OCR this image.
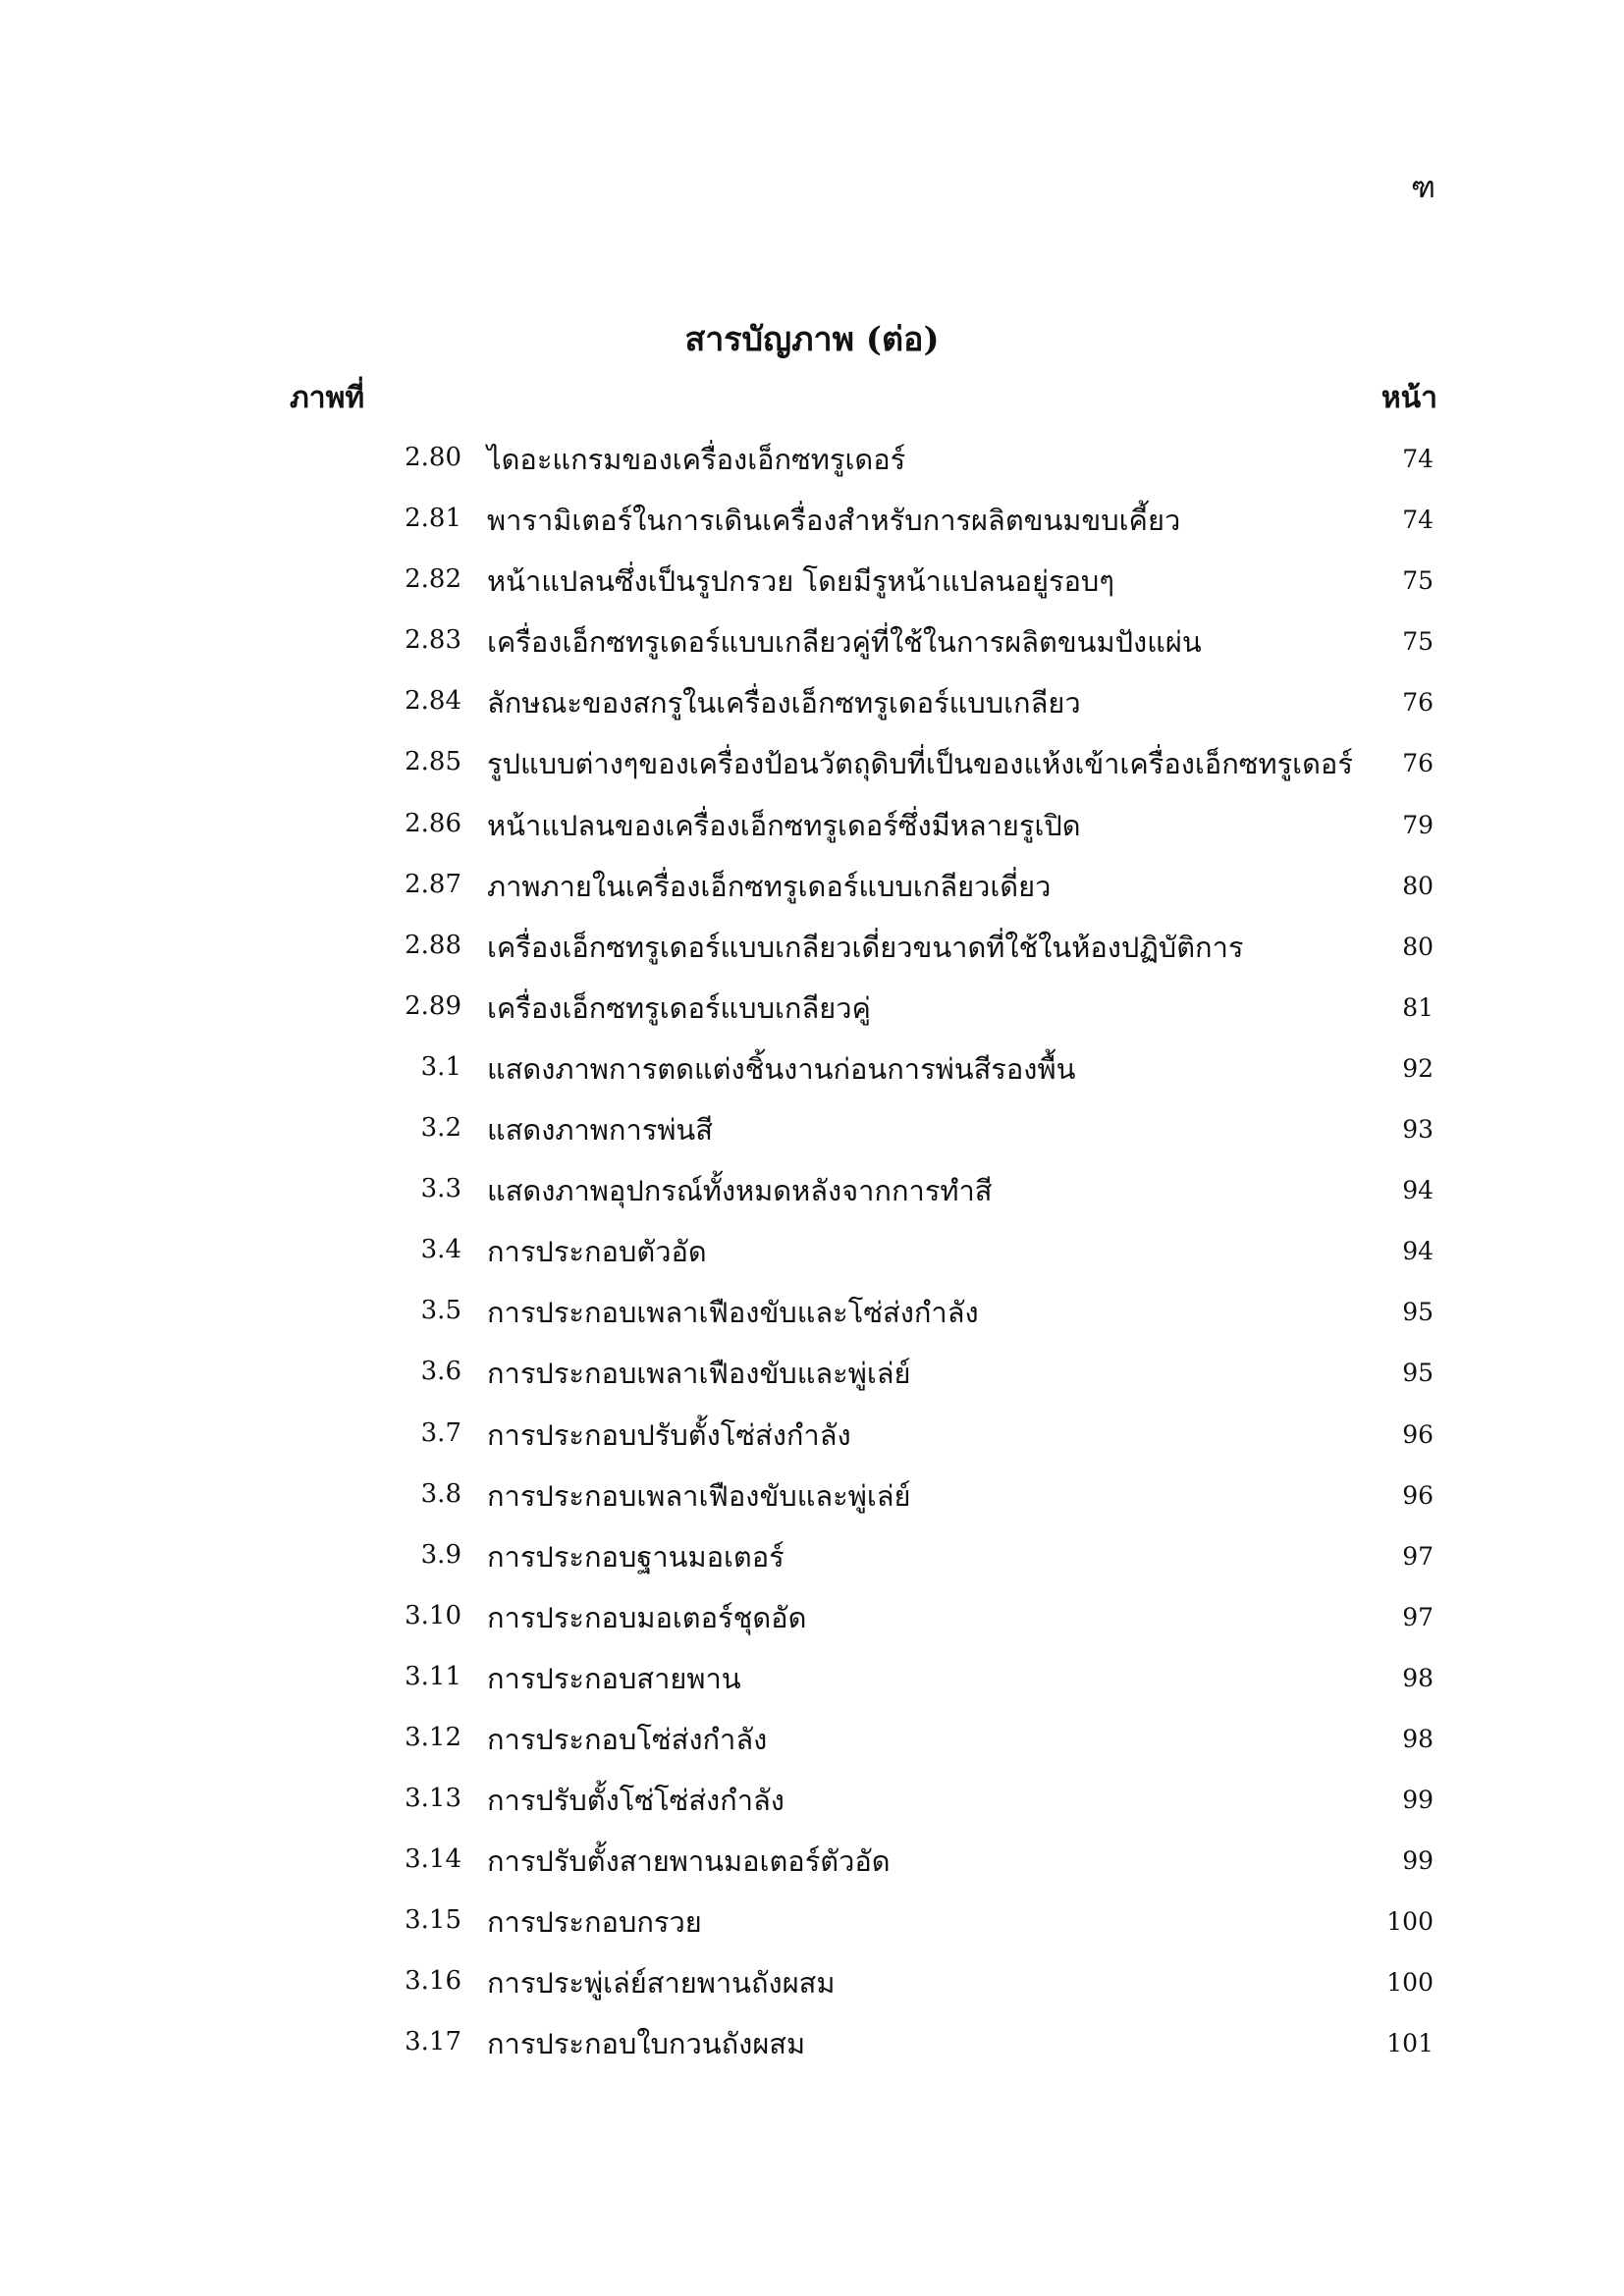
ฑ
สารบัญภาพ (ต่อ)
ภาพที่	หน้า
2.80 ไดอะแกรมของเครื่องเอ็กซทรูเดอร์	74
2.81 พารามิเตอร์ในการเดินเครื่องสำหรับการผลิตขนมขบเคี้ยว	74
2.82 หน้าแปลนซึ่งเป็นรูปกรวย โดยมีรูหน้าแปลนอยู่รอบๆ	75
2.83 เครื่องเอ็กซทรูเดอร์แบบเกลียวคู่ที่ใช้ในการผลิตขนมปังแผ่น	75
2.84 ลักษณะของสกรูในเครื่องเอ็กซทรูเดอร์แบบเกลียว	76
2.85 รูปแบบต่างๆของเครื่องป้อนวัตถุดิบที่เป็นของแห้งเข้าเครื่องเอ็กซทรูเดอร์ 76
2.86 หน้าแปลนของเครื่องเอ็กซทรูเดอร์ซึ่งมีหลายรูเปิด	79
2.87 ภาพภายในเครื่องเอ็กซทรูเดอร์แบบเกลียวเดี่ยว	80
2.88 เครื่องเอ็กซทรูเดอร์แบบเกลียวเดี่ยวขนาดที่ใช้ในห้องปฏิบัติการ	80
2.89 เครื่องเอ็กซทรูเดอร์แบบเกลียวคู่	81
3.1 แสดงภาพการตดแต่งชิ้นงานก่อนการพ่นสีรองพื้น	92
3.2 แสดงภาพการพ่นสี	93
3.3 แสดงภาพอุปกรณ์ทั้งหมดหลังจากการทำสี	94
3.4 การประกอบตัวอัด	94
3.5 การประกอบเพลาเฟืองขับและโซ่ส่งกำลัง	95
3.6 การประกอบเพลาเฟืองขับและพู่เล่ย์	95
3.7 การประกอบปรับตั้งโซ่ส่งกำลัง	96
3.8 การประกอบเพลาเฟืองขับและพู่เล่ย์	96
3.9 การประกอบฐานมอเตอร์	97
3.10 การประกอบมอเตอร์ชุดอัด	97
3.11 การประกอบสายพาน	98
3.12 การประกอบโซ่ส่งกำลัง	98
3.13 การปรับตั้งโซ่โซ่ส่งกำลัง	99
3.14 การปรับตั้งสายพานมอเตอร์ตัวอัด	99
3.15 การประกอบกรวย	100
3.16 การประพู่เล่ย์สายพานถังผสม	100
3.17 การประกอบใบกวนถังผสม	101
